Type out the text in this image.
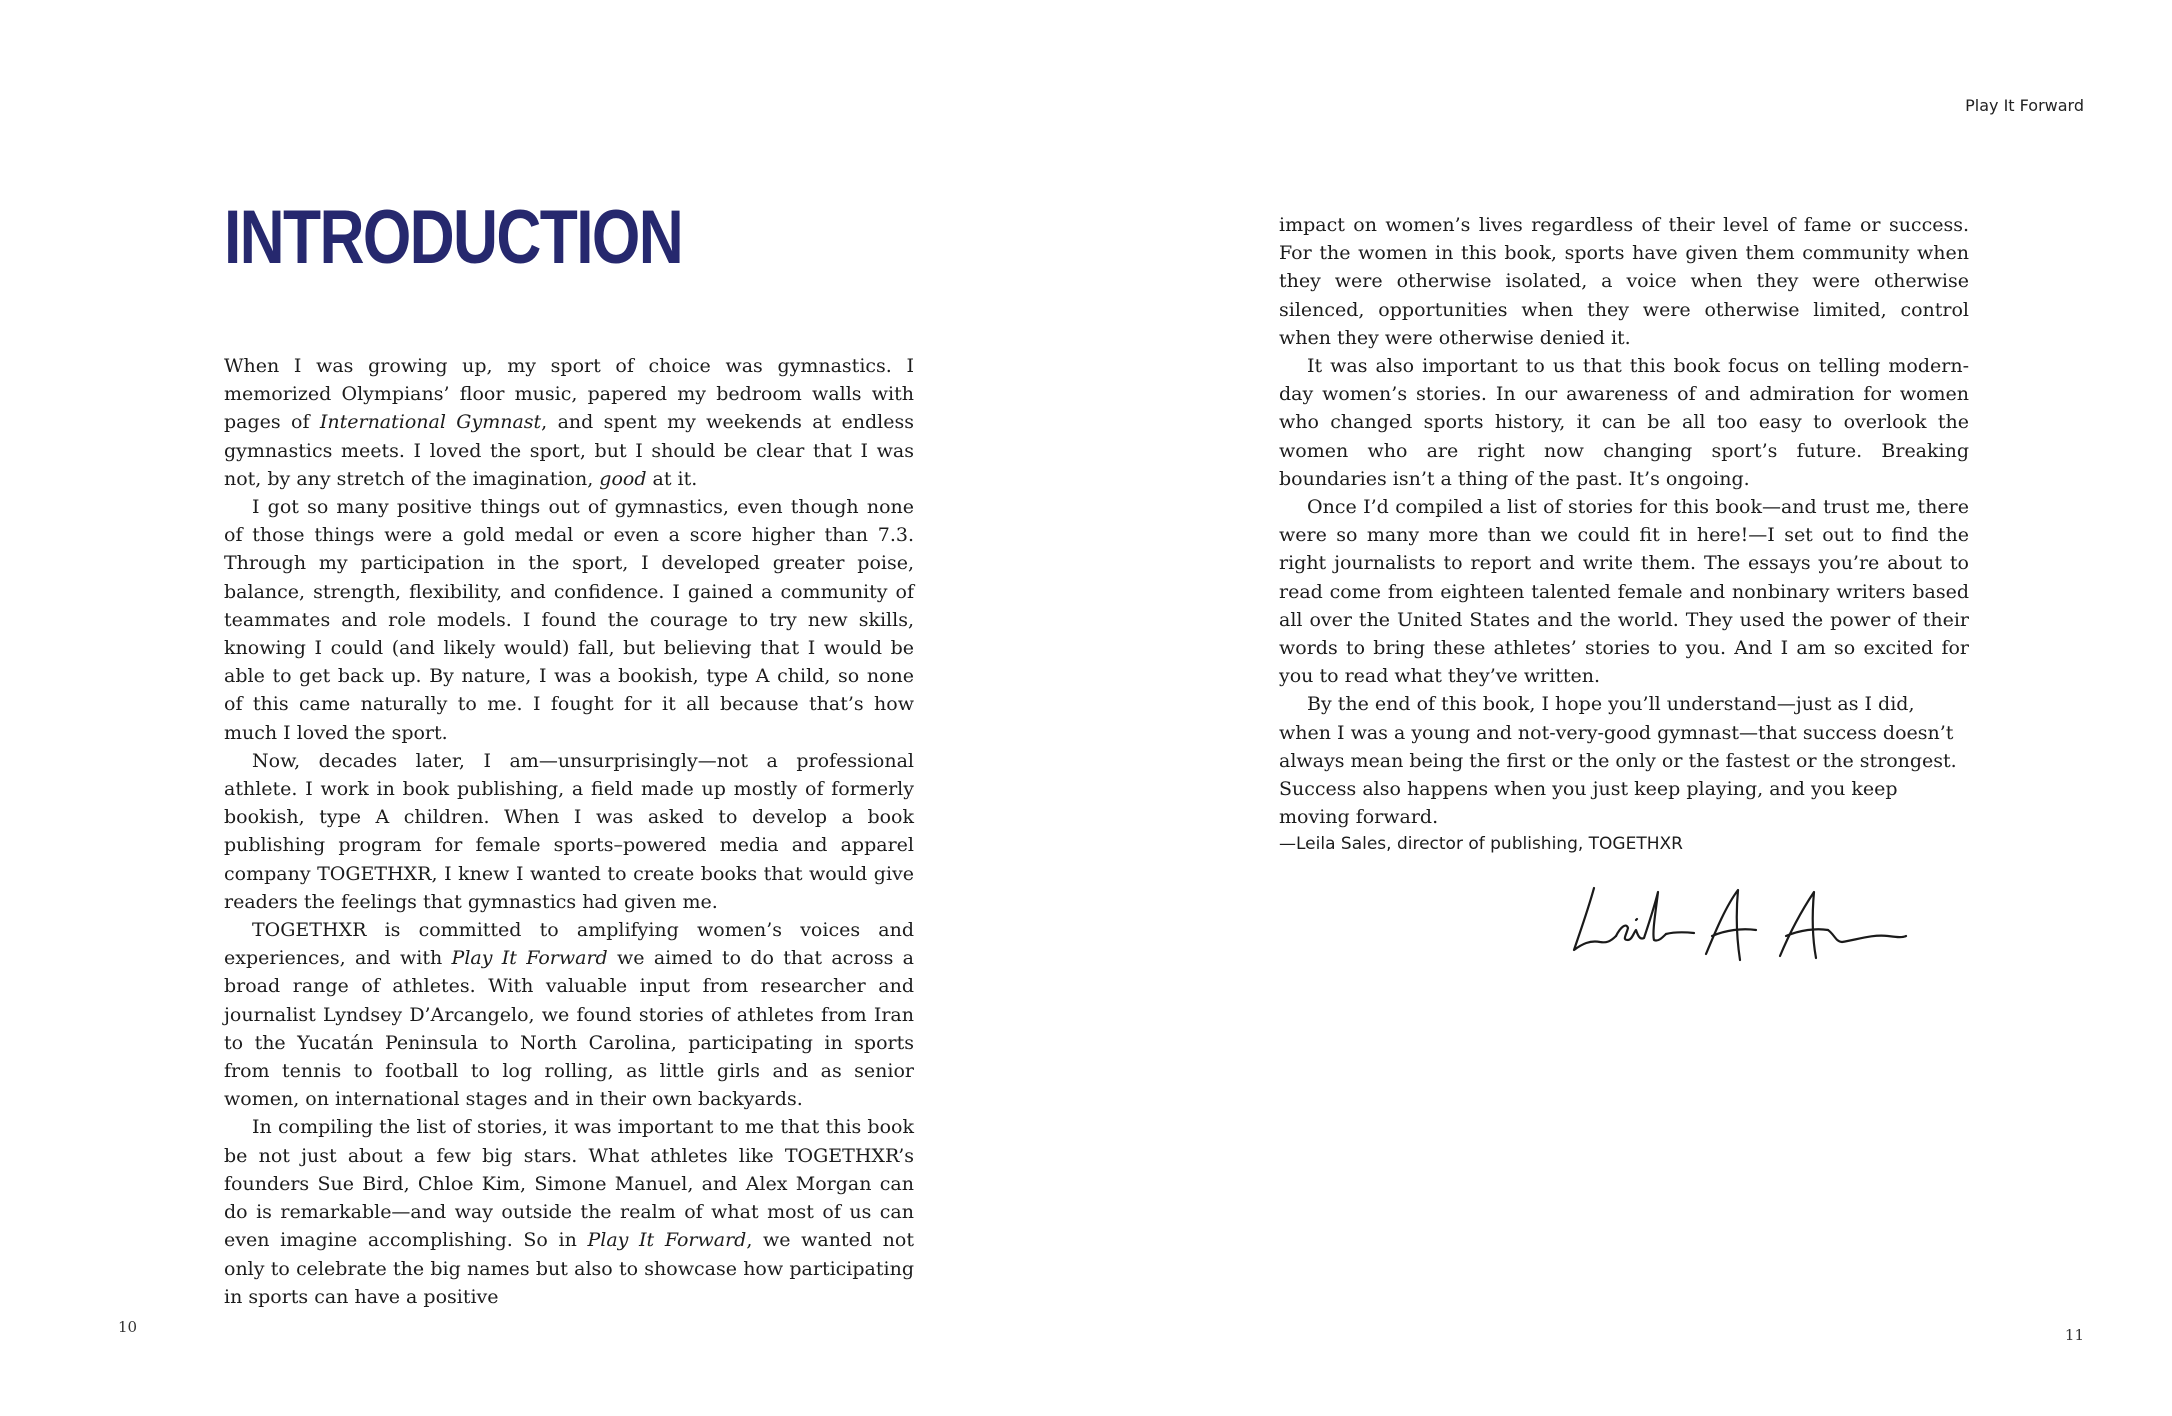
INTRODUCTION

When I was growing up, my sport of choice was gymnastics. I memorized Olympians’ floor music, papered my bedroom walls with pages of International Gymnast, and spent my weekends at endless gymnastics meets. I loved the sport, but I should be clear that I was not, by any stretch of the imagination, good at it.

I got so many positive things out of gymnastics, even though none of those things were a gold medal or even a score higher than 7.3. Through my participation in the sport, I developed greater poise, balance, strength, flexibility, and confidence. I gained a community of teammates and role models. I found the courage to try new skills, knowing I could (and likely would) fall, but believing that I would be able to get back up. By nature, I was a bookish, type A child, so none of this came naturally to me. I fought for it all because that’s how much I loved the sport.

Now, decades later, I am—unsurprisingly—not a professional athlete. I work in book publishing, a field made up mostly of formerly bookish, type A children. When I was asked to develop a book publishing program for female sports–powered media and apparel company TOGETHXR, I knew I wanted to create books that would give readers the feelings that gymnastics had given me.

TOGETHXR is committed to amplifying women’s voices and experiences, and with Play It Forward we aimed to do that across a broad range of athletes. With valuable input from researcher and journalist Lyndsey D’Arcangelo, we found stories of athletes from Iran to the Yucatán Peninsula to North Carolina, participating in sports from tennis to football to log rolling, as little girls and as senior women, on international stages and in their own backyards.

In compiling the list of stories, it was important to me that this book be not just about a few big stars. What athletes like TOGETHXR’s founders Sue Bird, Chloe Kim, Simone Manuel, and Alex Morgan can do is remarkable—and way outside the realm of what most of us can even imagine accomplishing. So in Play It Forward, we wanted not only to celebrate the big names but also to showcase how participating in sports can have a positive

10
Play It Forward

impact on women’s lives regardless of their level of fame or success. For the women in this book, sports have given them community when they were otherwise isolated, a voice when they were otherwise silenced, opportunities when they were otherwise limited, control when they were otherwise denied it.

It was also important to us that this book focus on telling modern-day women’s stories. In our awareness of and admiration for women who changed sports history, it can be all too easy to overlook the women who are right now changing sport’s future. Breaking boundaries isn’t a thing of the past. It’s ongoing.

Once I’d compiled a list of stories for this book—and trust me, there were so many more than we could fit in here!—I set out to find the right journalists to report and write them. The essays you’re about to read come from eighteen talented female and nonbinary writers based all over the United States and the world. They used the power of their words to bring these athletes’ stories to you. And I am so excited for you to read what they’ve written.

By the end of this book, I hope you’ll understand—just as I did, when I was a young and not-very-good gymnast—that success doesn’t always mean being the first or the only or the fastest or the strongest. Success also happens when you just keep playing, and you keep moving forward.

—Leila Sales, director of publishing, TOGETHXR

11
